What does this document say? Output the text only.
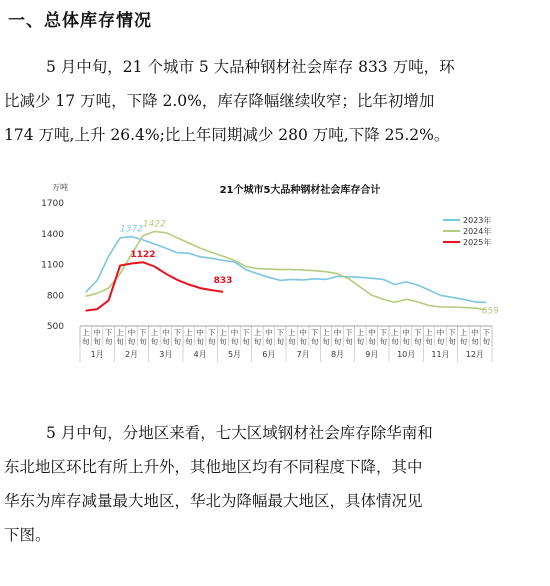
一、总体库存情况
5 月中旬，21 个城市 5 大品种钢材社会库存 833 万吨，环
比减少 17 万吨，下降 2.0%，库存降幅继续收窄；比年初增加
174 万吨,上升 26.4%;比上年同期减少 280 万吨,下降 25.2%。
21个城市5大品种钢材社会库存合计
万吨
500
800
1100
1400
1700
上
旬
中
旬
下
旬
1月
上
旬
中
旬
下
旬
2月
上
旬
中
旬
下
旬
3月
上
旬
中
旬
下
旬
4月
上
旬
中
旬
下
旬
5月
上
旬
中
旬
下
旬
6月
上
旬
中
旬
下
旬
7月
上
旬
中
旬
下
旬
8月
上
旬
中
旬
下
旬
9月
上
旬
中
旬
下
旬
10月
上
旬
中
旬
下
旬
11月
上
旬
中
旬
下
旬
12月
1372
1422
1122
833
659
2023年
2024年
2025年
5 月中旬，分地区来看，七大区域钢材社会库存除华南和
东北地区环比有所上升外，其他地区均有不同程度下降，其中
华东为库存减量最大地区，华北为降幅最大地区，具体情况见
下图。
